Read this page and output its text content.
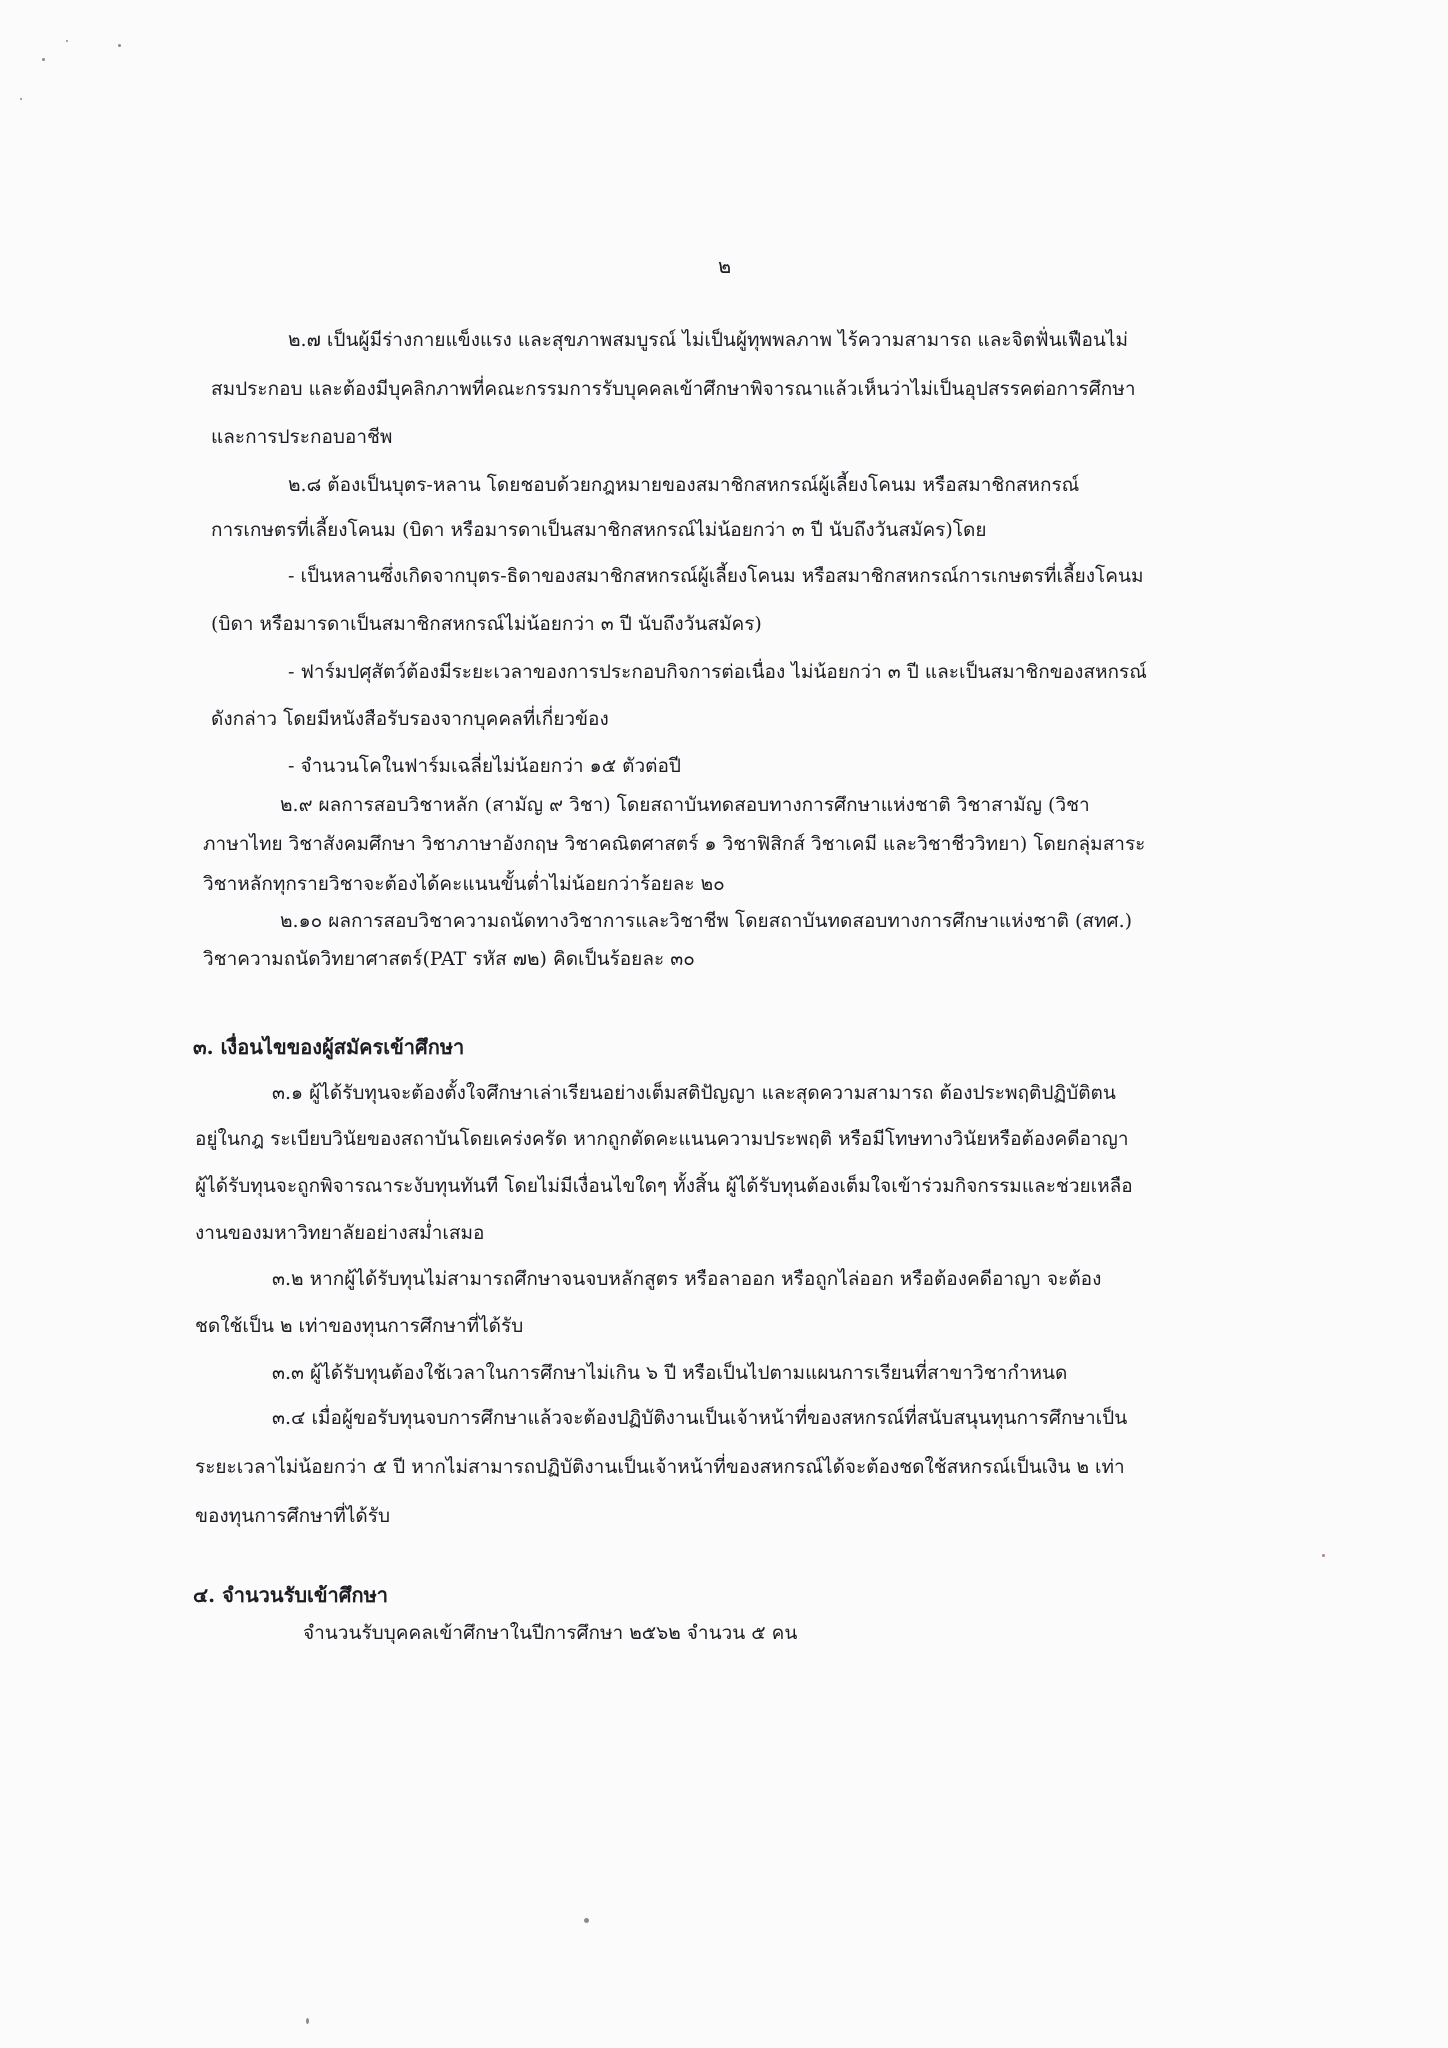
๒
๒.๗ เป็นผู้มีร่างกายแข็งแรง และสุขภาพสมบูรณ์ ไม่เป็นผู้ทุพพลภาพ ไร้ความสามารถ และจิตฟั่นเฟือนไม่
สมประกอบ และต้องมีบุคลิกภาพที่คณะกรรมการรับบุคคลเข้าศึกษาพิจารณาแล้วเห็นว่าไม่เป็นอุปสรรคต่อการศึกษา
และการประกอบอาชีพ
๒.๘ ต้องเป็นบุตร-หลาน โดยชอบด้วยกฎหมายของสมาชิกสหกรณ์ผู้เลี้ยงโคนม หรือสมาชิกสหกรณ์
การเกษตรที่เลี้ยงโคนม (บิดา หรือมารดาเป็นสมาชิกสหกรณ์ไม่น้อยกว่า ๓ ปี นับถึงวันสมัคร)โดย
- เป็นหลานซึ่งเกิดจากบุตร-ธิดาของสมาชิกสหกรณ์ผู้เลี้ยงโคนม หรือสมาชิกสหกรณ์การเกษตรที่เลี้ยงโคนม
(บิดา หรือมารดาเป็นสมาชิกสหกรณ์ไม่น้อยกว่า ๓ ปี นับถึงวันสมัคร)
- ฟาร์มปศุสัตว์ต้องมีระยะเวลาของการประกอบกิจการต่อเนื่อง ไม่น้อยกว่า ๓ ปี และเป็นสมาชิกของสหกรณ์
ดังกล่าว โดยมีหนังสือรับรองจากบุคคลที่เกี่ยวข้อง
- จำนวนโคในฟาร์มเฉลี่ยไม่น้อยกว่า ๑๕ ตัวต่อปี
๒.๙ ผลการสอบวิชาหลัก (สามัญ ๙ วิชา) โดยสถาบันทดสอบทางการศึกษาแห่งชาติ วิชาสามัญ (วิชา
ภาษาไทย วิชาสังคมศึกษา วิชาภาษาอังกฤษ วิชาคณิตศาสตร์ ๑ วิชาฟิสิกส์ วิชาเคมี และวิชาชีววิทยา) โดยกลุ่มสาระ
วิชาหลักทุกรายวิชาจะต้องได้คะแนนขั้นต่ำไม่น้อยกว่าร้อยละ ๒๐
๒.๑๐ ผลการสอบวิชาความถนัดทางวิชาการและวิชาชีพ โดยสถาบันทดสอบทางการศึกษาแห่งชาติ (สทศ.)
วิชาความถนัดวิทยาศาสตร์(PAT รหัส ๗๒) คิดเป็นร้อยละ ๓๐
๓. เงื่อนไขของผู้สมัครเข้าศึกษา
๓.๑ ผู้ได้รับทุนจะต้องตั้งใจศึกษาเล่าเรียนอย่างเต็มสติปัญญา และสุดความสามารถ ต้องประพฤติปฏิบัติตน
อยู่ในกฎ ระเบียบวินัยของสถาบันโดยเคร่งครัด หากถูกตัดคะแนนความประพฤติ หรือมีโทษทางวินัยหรือต้องคดีอาญา
ผู้ได้รับทุนจะถูกพิจารณาระงับทุนทันที โดยไม่มีเงื่อนไขใดๆ ทั้งสิ้น ผู้ได้รับทุนต้องเต็มใจเข้าร่วมกิจกรรมและช่วยเหลือ
งานของมหาวิทยาลัยอย่างสม่ำเสมอ
๓.๒ หากผู้ได้รับทุนไม่สามารถศึกษาจนจบหลักสูตร หรือลาออก หรือถูกไล่ออก หรือต้องคดีอาญา จะต้อง
ชดใช้เป็น ๒ เท่าของทุนการศึกษาที่ได้รับ
๓.๓ ผู้ได้รับทุนต้องใช้เวลาในการศึกษาไม่เกิน ๖ ปี หรือเป็นไปตามแผนการเรียนที่สาขาวิชากำหนด
๓.๔ เมื่อผู้ขอรับทุนจบการศึกษาแล้วจะต้องปฏิบัติงานเป็นเจ้าหน้าที่ของสหกรณ์ที่สนับสนุนทุนการศึกษาเป็น
ระยะเวลาไม่น้อยกว่า ๕ ปี หากไม่สามารถปฏิบัติงานเป็นเจ้าหน้าที่ของสหกรณ์ได้จะต้องชดใช้สหกรณ์เป็นเงิน ๒ เท่า
ของทุนการศึกษาที่ได้รับ
๔. จำนวนรับเข้าศึกษา
จำนวนรับบุคคลเข้าศึกษาในปีการศึกษา ๒๕๖๒ จำนวน ๕ คน
